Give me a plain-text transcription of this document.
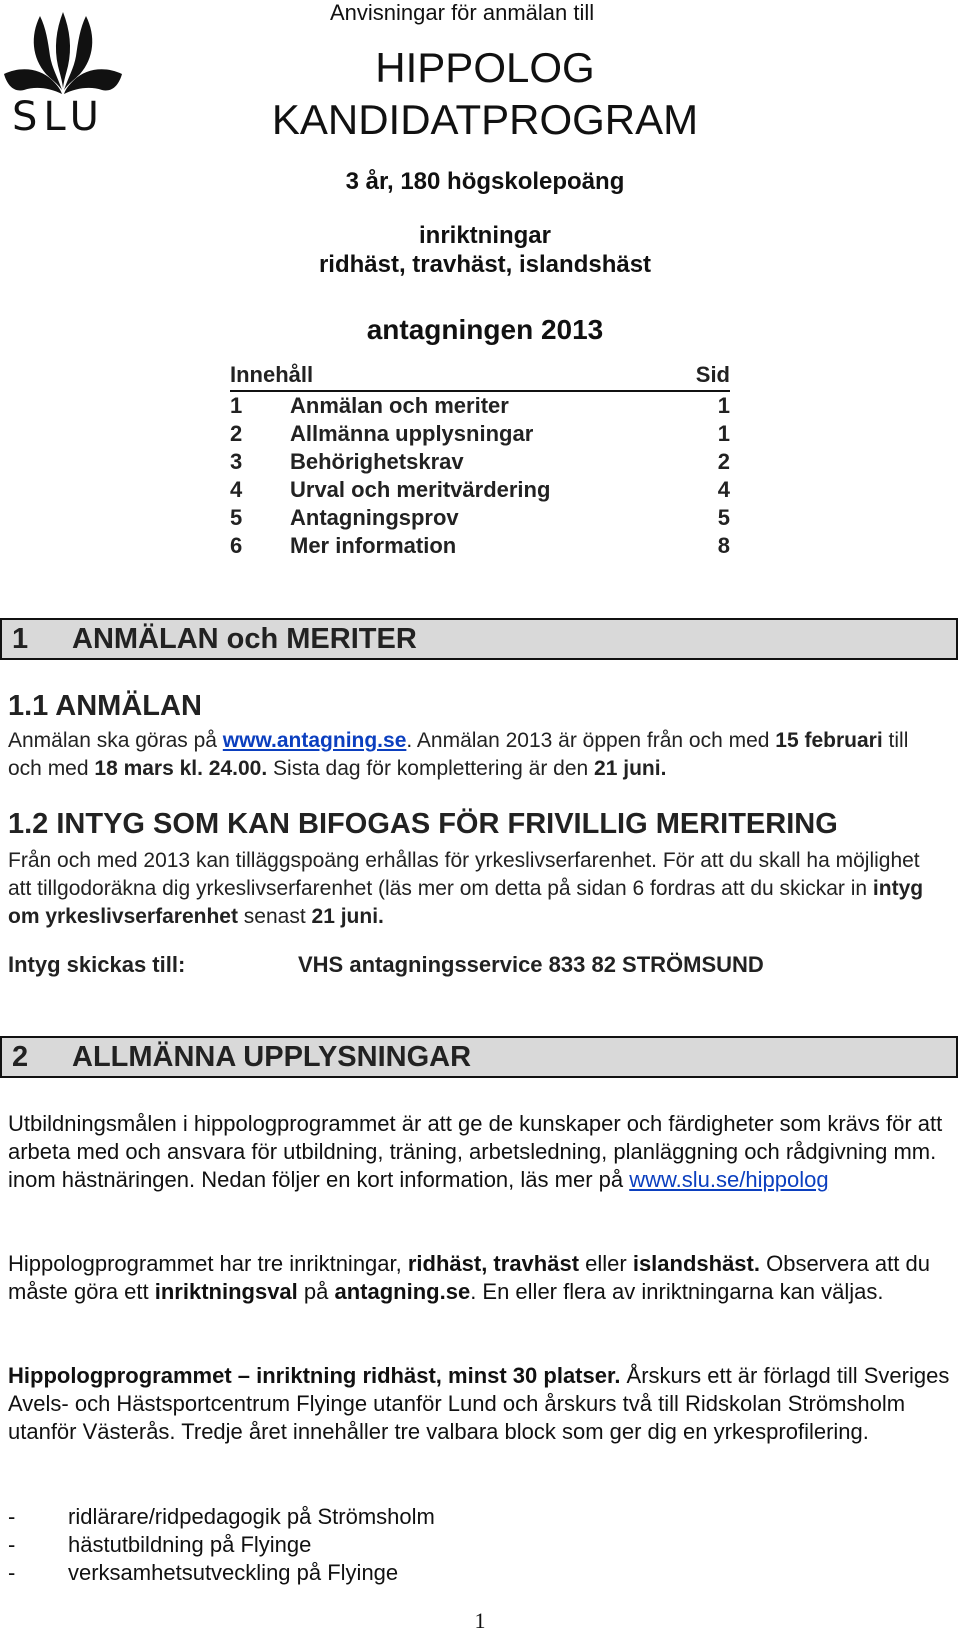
SLU
Anvisningar för anmälan till
HIPPOLOG
KANDIDATPROGRAM
3 år, 180 högskolepoäng
inriktningar
ridhäst, travhäst, islandshäst
antagningen 2013
Innehåll	Sid
1	Anmälan och meriter	1
2	Allmänna upplysningar	1
3	Behörighetskrav	2
4	Urval och meritvärdering	4
5	Antagningsprov	5
6	Mer information	8
1 ANMÄLAN och MERITER
1.1 ANMÄLAN

Anmälan ska göras på www.antagning.se. Anmälan 2013 är öppen från och med 15 februari till och med 18 mars kl. 24.00. Sista dag för komplettering är den 21 juni.

1.2 INTYG SOM KAN BIFOGAS FÖR FRIVILLIG MERITERING

Från och med 2013 kan tilläggspoäng erhållas för yrkeslivserfarenhet. För att du skall ha möjlighet att tillgodoräkna dig yrkeslivserfarenhet (läs mer om detta på sidan 6 fordras att du skickar in intyg om yrkeslivserfarenhet senast 21 juni.

Intyg skickas till:	VHS antagningsservice 833 82 STRÖMSUND
2 ALLMÄNNA UPPLYSNINGAR

Utbildningsmålen i hippologprogrammet är att ge de kunskaper och färdigheter som krävs för att arbeta med och ansvara för utbildning, träning, arbetsledning, planläggning och rådgivning mm. inom hästnäringen. Nedan följer en kort information, läs mer på www.slu.se/hippolog

Hippologprogrammet har tre inriktningar, ridhäst, travhäst eller islandshäst. Observera att du måste göra ett inriktningsval på antagning.se. En eller flera av inriktningarna kan väljas.

Hippologprogrammet – inriktning ridhäst, minst 30 platser. Årskurs ett är förlagd till Sveriges Avels- och Hästsportcentrum Flyinge utanför Lund och årskurs två till Ridskolan Strömsholm utanför Västerås. Tredje året innehåller tre valbara block som ger dig en yrkesprofilering.

-	ridlärare/ridpedagogik på Strömsholm
-	hästutbildning på Flyinge
-	verksamhetsutveckling på Flyinge
1
